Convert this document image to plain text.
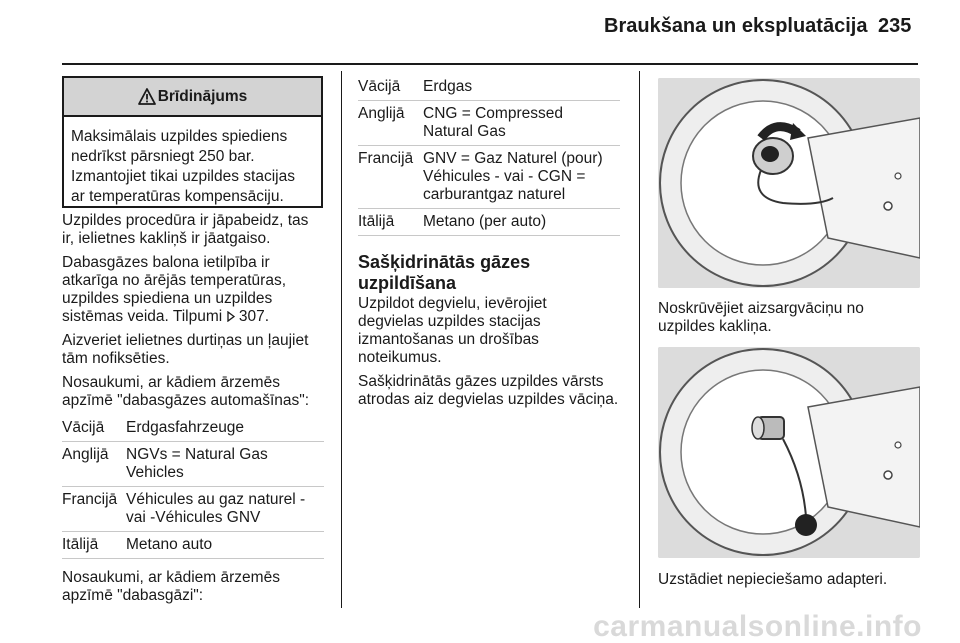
Braukšana un ekspluatācija 235
Brīdinājums
Maksimālais uzpildes spiediens nedrīkst pārsniegt 250 bar. Izmantojiet tikai uzpildes stacijas ar temperatūras kompensāciju.

Uzpildes procedūra ir jāpabeidz, tas ir, ielietnes kakliņš ir jāatgaiso.

Dabasgāzes balona ietilpība ir atkarīga no ārējās temperatūras, uzpildes spiediena un uzpildes sistēmas veida. Tilpumi 307.

Aizveriet ielietnes durtiņas un ļaujiet tām nofiksēties.

Nosaukumi, ar kādiem ārzemēs apzīmē "dabasgāzes automašīnas":

Vācijā	Erdgasfahrzeuge
Anglijā	NGVs = Natural Gas Vehicles
Francijā Véhicules au gaz naturel - vai -Véhicules GNV
Itālijā	Metano auto

Nosaukumi, ar kādiem ārzemēs apzīmē "dabasgāzi":

Vācijā	Erdgas
Anglijā	CNG = Compressed Natural Gas
Francijā GNV = Gaz Naturel (pour) Véhicules - vai - CGN = carburantgaz naturel
Itālijā	Metano (per auto)
Sašķidrinātās gāzes uzpildīšana

Uzpildot degvielu, ievērojiet degvielas uzpildes stacijas izmantošanas un drošības noteikumus.

Sašķidrinātās gāzes uzpildes vārsts atrodas aiz degvielas uzpildes vāciņa.

Noskrūvējiet aizsargvāciņu no uzpildes kakliņa.
Uzstādiet nepieciešamo adapteri.
carmanualsonline.info
